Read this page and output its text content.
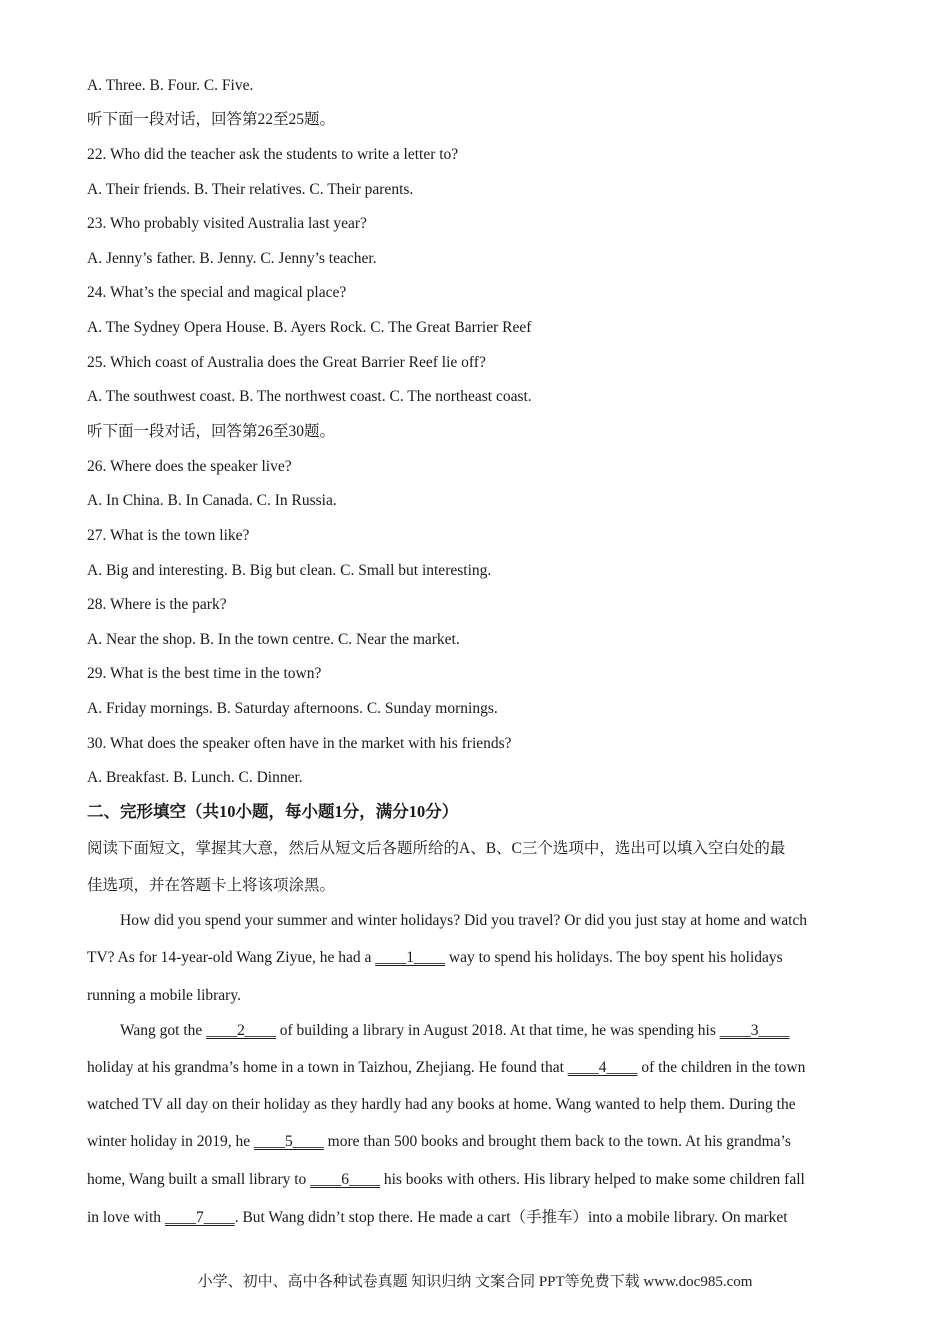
A. Three. B. Four. C. Five.
听下面一段对话，回答第22至25题。
22. Who did the teacher ask the students to write a letter to?
A. Their friends. B. Their relatives. C. Their parents.
23. Who probably visited Australia last year?
A. Jenny’s father. B. Jenny. C. Jenny’s teacher.
24. What’s the special and magical place?
A. The Sydney Opera House. B. Ayers Rock. C. The Great Barrier Reef
25. Which coast of Australia does the Great Barrier Reef lie off?
A. The southwest coast. B. The northwest coast. C. The northeast coast.
听下面一段对话，回答第26至30题。
26. Where does the speaker live?
A. In China. B. In Canada. C. In Russia.
27. What is the town like?
A. Big and interesting. B. Big but clean. C. Small but interesting.
28. Where is the park?
A. Near the shop. B. In the town centre. C. Near the market.
29. What is the best time in the town?
A. Friday mornings. B. Saturday afternoons. C. Sunday mornings.
30. What does the speaker often have in the market with his friends?
A. Breakfast. B. Lunch. C. Dinner.
二、完形填空（共10小题，每小题1分，满分10分）
阅读下面短文，掌握其大意，然后从短文后各题所给的A、B、C三个选项中，选出可以填入空白处的最
佳选项，并在答题卡上将该项涂黑。
How did you spend your summer and winter holidays? Did you travel? Or did you just stay at home and watch
TV? As for 14-year-old Wang Ziyue, he had a ____1____ way to spend his holidays. The boy spent his holidays
running a mobile library.
Wang got the ____2____ of building a library in August 2018. At that time, he was spending his ____3____
holiday at his grandma’s home in a town in Taizhou, Zhejiang. He found that ____4____ of the children in the town
watched TV all day on their holiday as they hardly had any books at home. Wang wanted to help them. During the
winter holiday in 2019, he ____5____ more than 500 books and brought them back to the town. At his grandma’s
home, Wang built a small library to ____6____ his books with others. His library helped to make some children fall
in love with ____7____. But Wang didn’t stop there. He made a cart（手推车）into a mobile library. On market
小学、初中、高中各种试卷真题 知识归纳 文案合同 PPT等免费下载 www.doc985.com
